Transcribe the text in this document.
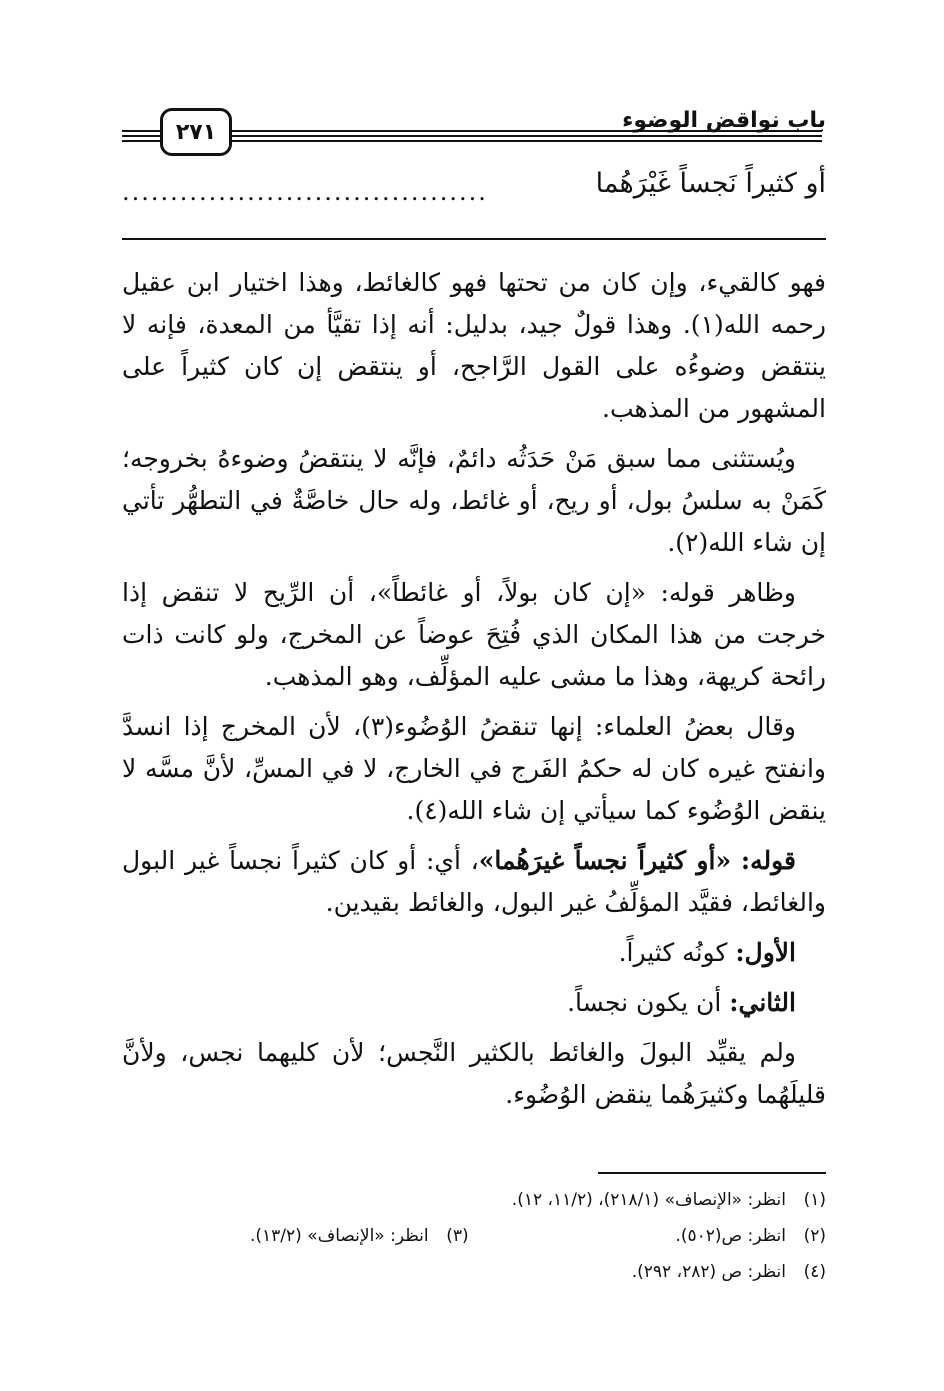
باب نواقض الوضوء
٢٧١
أو كثيراً نَجساً غَيْرَهُما
......................................

فهو كالقيء، وإن كان من تحتها فهو كالغائط، وهذا اختيار ابن عقيل رحمه الله(١). وهذا قولٌ جيد، بدليل: أنه إذا تقيَّأ من المعدة، فإنه لا ينتقض وضوءُه على القول الرَّاجح، أو ينتقض إن كان كثيراً على المشهور من المذهب.

ويُستثنى مما سبق مَنْ حَدَثُه دائمٌ، فإنَّه لا ينتقضُ وضوءهُ بخروجه؛ كَمَنْ به سلسُ بول، أو ريح، أو غائط، وله حال خاصَّةٌ في التطهُّر تأتي إن شاء الله(٢).

وظاهر قوله: «إن كان بولاً، أو غائطاً»، أن الرِّيح لا تنقض إذا خرجت من هذا المكان الذي فُتِحَ عوضاً عن المخرج، ولو كانت ذات رائحة كريهة، وهذا ما مشى عليه المؤلِّف، وهو المذهب.

وقال بعضُ العلماء: إنها تنقضُ الوُضُوء(٣)، لأن المخرج إذا انسدَّ وانفتح غيره كان له حكمُ الفَرج في الخارج، لا في المسِّ، لأنَّ مسَّه لا ينقض الوُضُوء كما سيأتي إن شاء الله(٤).

قوله: «أو كثيراً نجساً غيرَهُما»، أي: أو كان كثيراً نجساً غير البول والغائط، فقيَّد المؤلِّفُ غير البول، والغائط بقيدين.

الأول: كونُه كثيراً.

الثاني: أن يكون نجساً.

ولم يقيِّد البولَ والغائط بالكثير النَّجس؛ لأن كليهما نجس، ولأنَّ قليلَهُما وكثيرَهُما ينقض الوُضُوء.

(١)انظر: «الإنصاف» (٢١٨/١)، (١١/٢، ١٢).
(٢)انظر: ص(٥٠٢).
(٣)انظر: «الإنصاف» (١٣/٢).
(٤)انظر: ص (٢٨٢، ٢٩٢).
